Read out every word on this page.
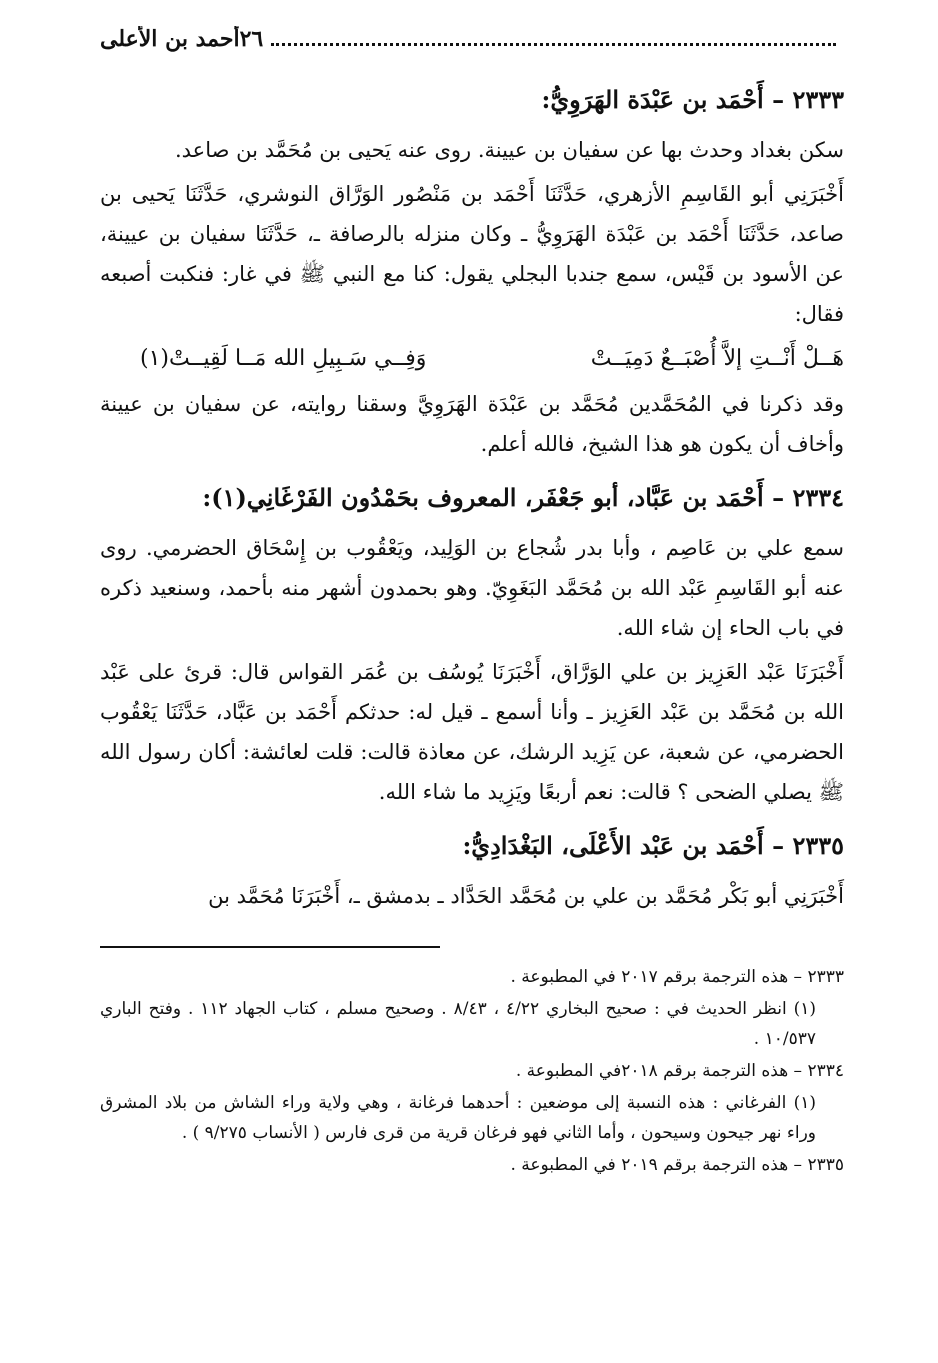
أحمد بن الأعلى ٢٦
٢٣٣٣ – أَحْمَد بن عَبْدَة الهَرَوِيُّ:

سكن بغداد وحدث بها عن سفيان بن عيينة. روى عنه يَحيى بن مُحَمَّد بن صاعد.

أَخْبَرَنِي أبو القَاسِمِ الأزهري، حَدَّثَنَا أَحْمَد بن مَنْصُور الوَرَّاق النوشري، حَدَّثَنَا يَحيى بن صاعد، حَدَّثَنَا أَحْمَد بن عَبْدَة الهَرَوِيُّ ـ وكان منزله بالرصافة ـ، حَدَّثَنَا سفيان بن عيينة، عن الأسود بن قَيْس، سمع جندبا البجلي يقول: كنا مع النبي ﷺ في غار: فنكبت أصبعه فقال:

هَــلْ أَنْــتِ إلاَّ أُصْبَــعٌ دَمِيَــتْ
وَفِــي سَـبِيلِ الله مَــا لَقِيــتْ(١)

وقد ذكرنا في المُحَمَّدين مُحَمَّد بن عَبْدَة الهَرَوِيَّ وسقنا روايته، عن سفيان بن عيينة وأخاف أن يكون هو هذا الشيخ، فالله أعلم.

٢٣٣٤ – أَحْمَد بن عَبَّاد، أبو جَعْفَر، المعروف بحَمْدُون الفَرْغَانِي(١):

سمع علي بن عَاصِم ، وأبا بدر شُجاع بن الوَلِيد، ويَعْقُوب بن إِسْحَاق الحضرمي. روى عنه أبو القَاسِمِ عَبْد الله بن مُحَمَّد البَغَوِيّ. وهو بحمدون أشهر منه بأحمد، وسنعيد ذكره في باب الحاء إن شاء الله.

أَخْبَرَنَا عَبْد العَزِيز بن علي الوَرَّاق، أَخْبَرَنَا يُوسُف بن عُمَر القواس قال: قرئ على عَبْد الله بن مُحَمَّد بن عَبْد العَزِيز ـ وأنا أسمع ـ قيل له: حدثكم أَحْمَد بن عَبَّاد، حَدَّثَنَا يَعْقُوب الحضرمي، عن شعبة، عن يَزِيد الرشك، عن معاذة قالت: قلت لعائشة: أكان رسول الله ﷺ يصلي الضحى ؟ قالت: نعم أربعًا ويَزِيد ما شاء الله.

٢٣٣٥ – أَحْمَد بن عَبْد الأَعْلَى، البَغْدَادِيُّ:

أَخْبَرَنِي أبو بَكْر مُحَمَّد بن علي بن مُحَمَّد الحَدَّاد ـ بدمشق ـ، أَخْبَرَنَا مُحَمَّد بن

٢٣٣٣ – هذه الترجمة برقم ٢٠١٧ في المطبوعة .
(١) انظر الحديث في : صحيح البخاري ٤/٢٢ ، ٨/٤٣ . وصحيح مسلم ، كتاب الجهاد ١١٢ . وفتح الباري ١٠/٥٣٧ .
٢٣٣٤ – هذه الترجمة برقم ٢٠١٨في المطبوعة .
(١) الفرغاني : هذه النسبة إلى موضعين : أحدهما فرغانة ، وهي ولاية وراء الشاش من بلاد المشرق وراء نهر جيحون وسيحون ، وأما الثاني فهو فرغان قرية من قرى فارس ( الأنساب ٩/٢٧٥ ) .
٢٣٣٥ – هذه الترجمة برقم ٢٠١٩ في المطبوعة .
